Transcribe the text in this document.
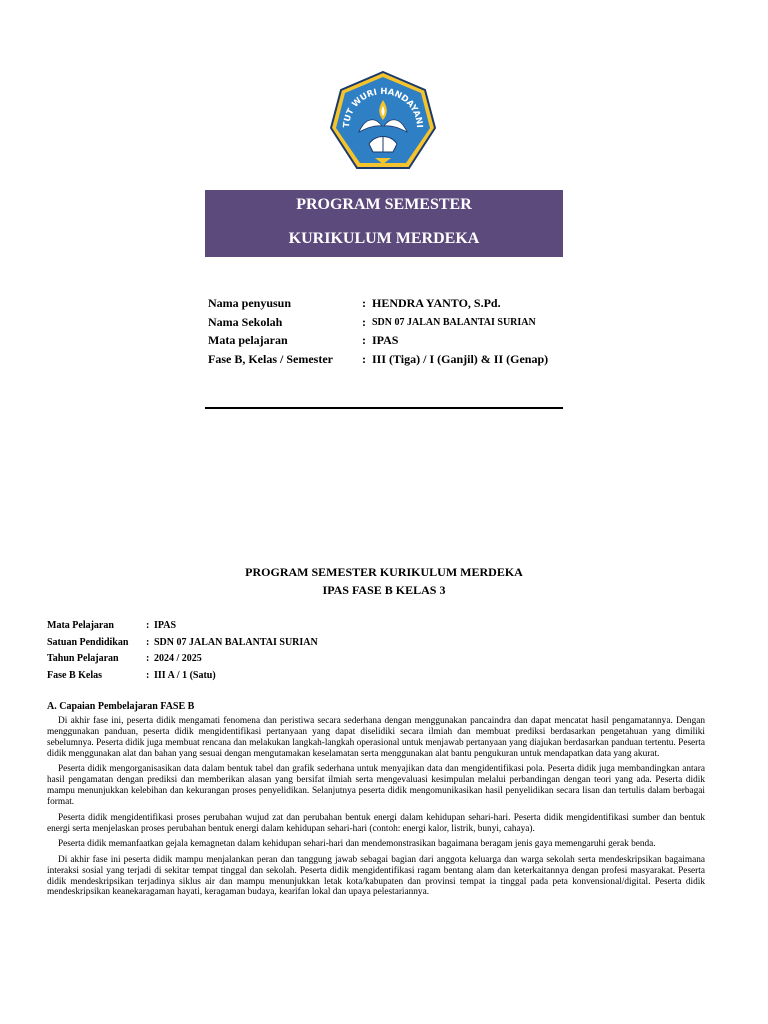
TUT WURI HANDAYANI
PROGRAM SEMESTER
KURIKULUM MERDEKA
Nama penyusun	: HENDRA YANTO, S.Pd.
Nama Sekolah	: SDN 07 JALAN BALANTAI SURIAN
Mata pelajaran	: IPAS
Fase B, Kelas / Semester : III (Tiga) / I (Ganjil) & II (Genap)
PROGRAM SEMESTER KURIKULUM MERDEKA
IPAS FASE B KELAS 3
Mata Pelajaran	: IPAS
Satuan Pendidikan : SDN 07 JALAN BALANTAI SURIAN
Tahun Pelajaran	: 2024 / 2025
Fase B Kelas	: III A / 1 (Satu)
A. Capaian Pembelajaran FASE B

Di akhir fase ini, peserta didik mengamati fenomena dan peristiwa secara sederhana dengan menggunakan pancaindra dan dapat mencatat hasil pengamatannya. Dengan menggunakan panduan, peserta didik mengidentifikasi pertanyaan yang dapat diselidiki secara ilmiah dan membuat prediksi berdasarkan pengetahuan yang dimiliki sebelumnya. Peserta didik juga membuat rencana dan melakukan langkah-langkah operasional untuk menjawab pertanyaan yang diajukan berdasarkan panduan tertentu. Peserta didik menggunakan alat dan bahan yang sesuai dengan mengutamakan keselamatan serta menggunakan alat bantu pengukuran untuk mendapatkan data yang akurat.

Peserta didik mengorganisasikan data dalam bentuk tabel dan grafik sederhana untuk menyajikan data dan mengidentifikasi pola. Peserta didik juga membandingkan antara hasil pengamatan dengan prediksi dan memberikan alasan yang bersifat ilmiah serta mengevaluasi kesimpulan melalui perbandingan dengan teori yang ada. Peserta didik mampu menunjukkan kelebihan dan kekurangan proses penyelidikan. Selanjutnya peserta didik mengomunikasikan hasil penyelidikan secara lisan dan tertulis dalam berbagai format.

Peserta didik mengidentifikasi proses perubahan wujud zat dan perubahan bentuk energi dalam kehidupan sehari-hari. Peserta didik mengidentifikasi sumber dan bentuk energi serta menjelaskan proses perubahan bentuk energi dalam kehidupan sehari-hari (contoh: energi kalor, listrik, bunyi, cahaya).

Peserta didik memanfaatkan gejala kemagnetan dalam kehidupan sehari-hari dan mendemonstrasikan bagaimana beragam jenis gaya memengaruhi gerak benda.

Di akhir fase ini peserta didik mampu menjalankan peran dan tanggung jawab sebagai bagian dari anggota keluarga dan warga sekolah serta mendeskripsikan bagaimana interaksi sosial yang terjadi di sekitar tempat tinggal dan sekolah. Peserta didik mengidentifikasi ragam bentang alam dan keterkaitannya dengan profesi masyarakat. Peserta didik mendeskripsikan terjadinya siklus air dan mampu menunjukkan letak kota/kabupaten dan provinsi tempat ia tinggal pada peta konvensional/digital. Peserta didik mendeskripsikan keanekaragaman hayati, keragaman budaya, kearifan lokal dan upaya pelestariannya.
